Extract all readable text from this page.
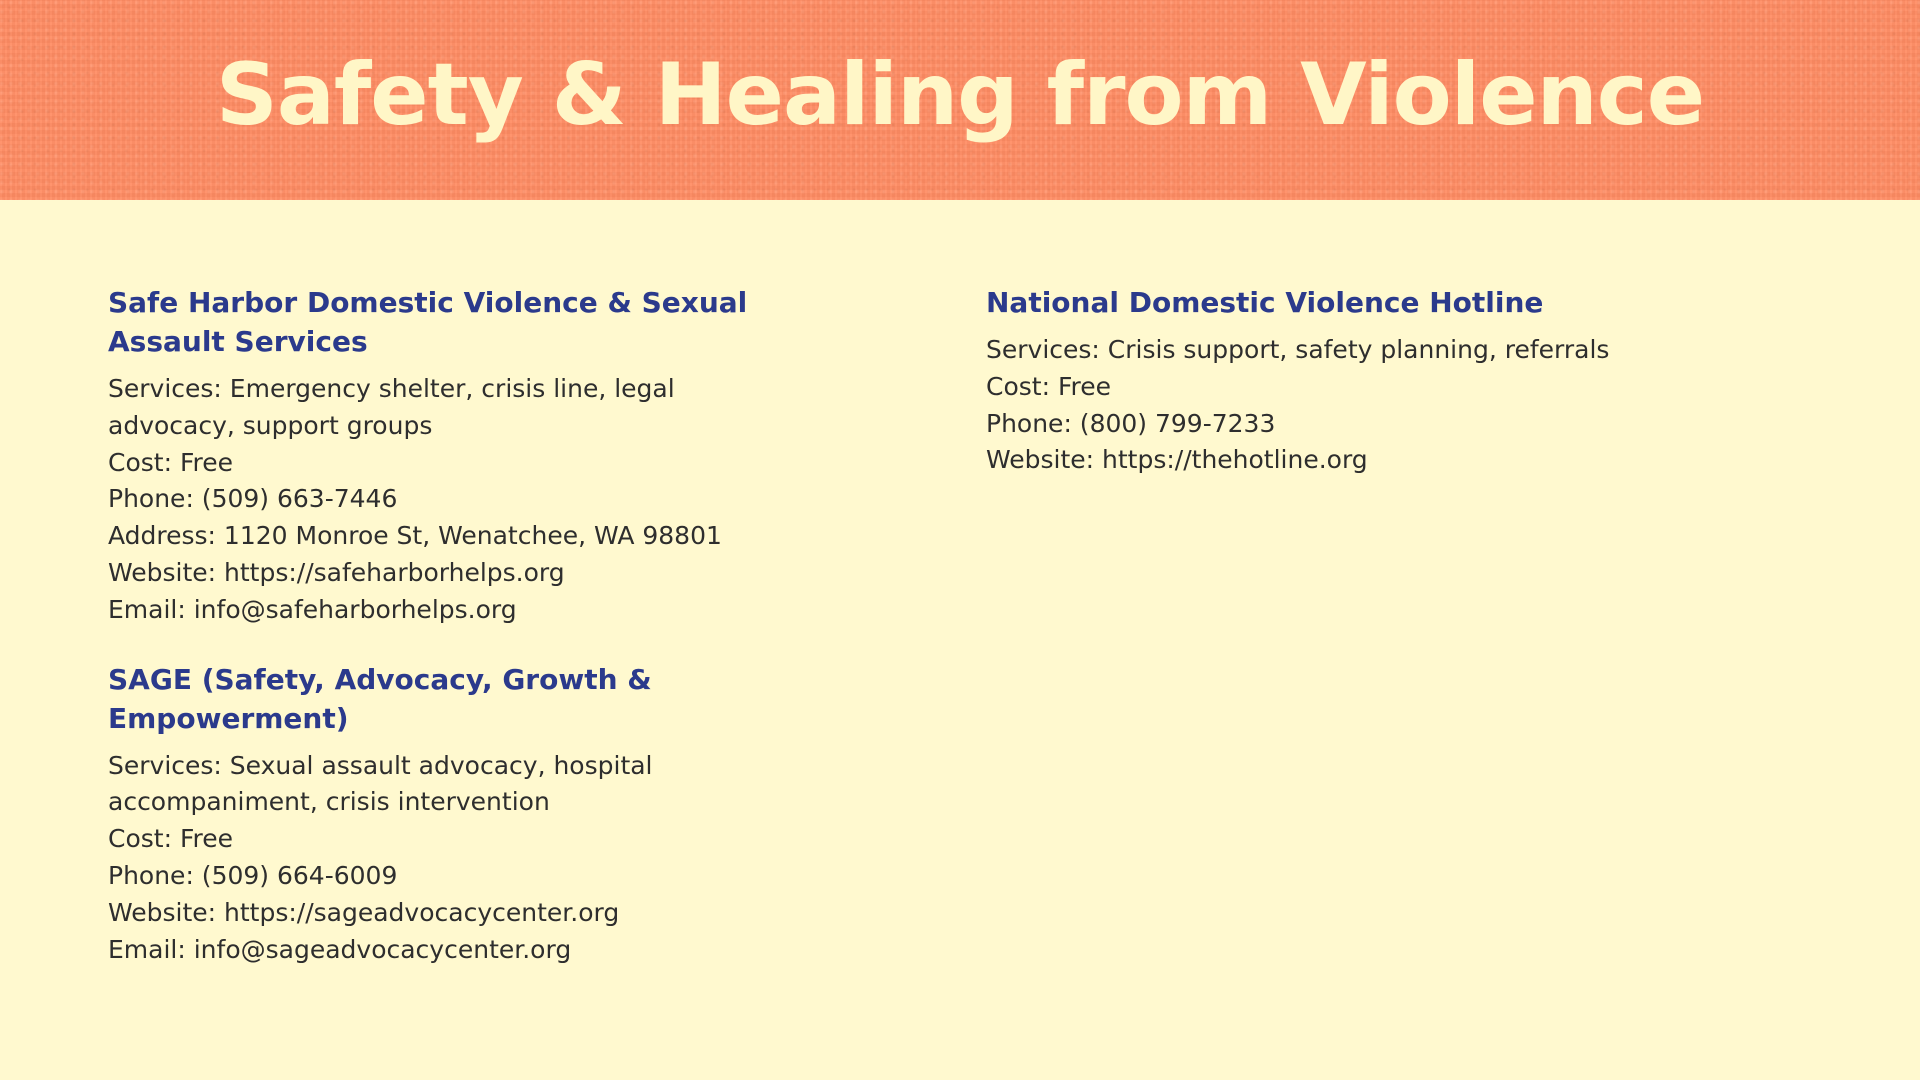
Safety & Healing from Violence
Safe Harbor Domestic Violence & Sexual Assault Services

Services: Emergency shelter, crisis line, legal advocacy, support groups

Cost: Free

Phone: (509) 663-7446

Address: 1120 Monroe St, Wenatchee, WA 98801

Website: https://safeharborhelps.org

Email: info@safeharborhelps.org

SAGE (Safety, Advocacy, Growth & Empowerment)

Services: Sexual assault advocacy, hospital accompaniment, crisis intervention

Cost: Free

Phone: (509) 664-6009

Website: https://sageadvocacycenter.org

Email: info@sageadvocacycenter.org

National Domestic Violence Hotline

Services: Crisis support, safety planning, referrals

Cost: Free

Phone: (800) 799-7233

Website: https://thehotline.org
